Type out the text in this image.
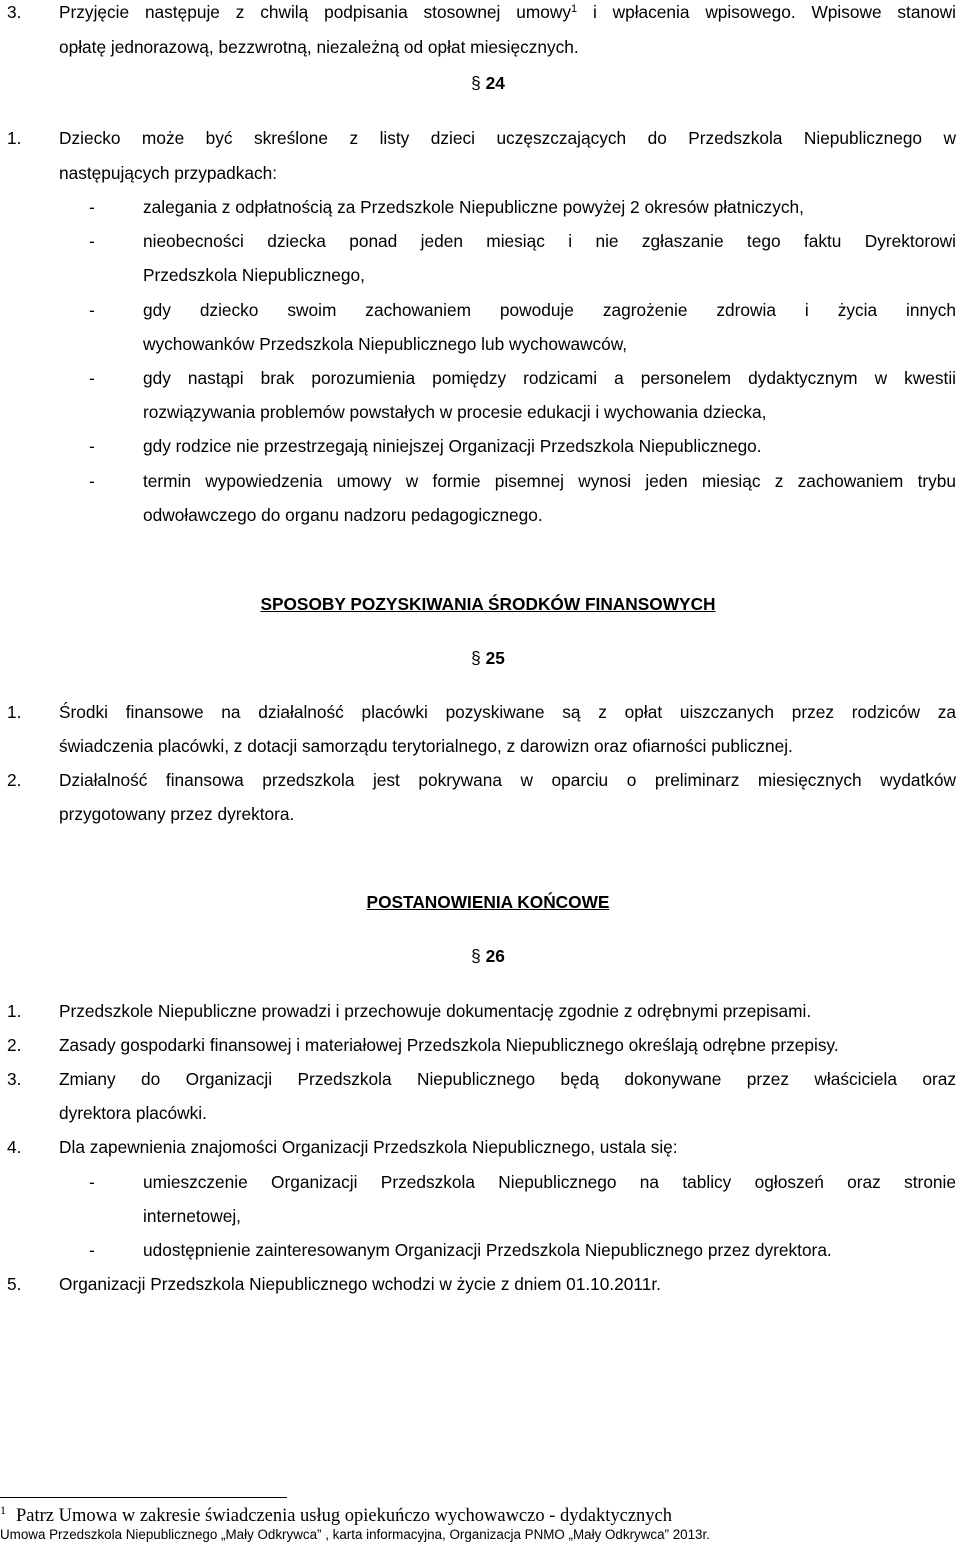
3. Przyjęcie następuje z chwilą podpisania stosownej umowy$^1$ i wpłacenia wpisowego. Wpisowe stanowi
opłatę jednorazową, bezzwrotną, niezależną od opłat miesięcznych.
§ 24
1. Dziecko może być skreślone z listy dzieci uczęszczających do Przedszkola Niepublicznego w
następujących przypadkach:
-	zalegania z odpłatnością za Przedszkole Niepubliczne powyżej 2 okresów płatniczych,
-	nieobecności dziecka ponad jeden miesiąc i nie zgłaszanie tego faktu Dyrektorowi
Przedszkola Niepublicznego,
-	gdy dziecko swoim zachowaniem powoduje zagrożenie zdrowia i życia innych
wychowanków Przedszkola Niepublicznego lub wychowawców,
-	gdy nastąpi brak porozumienia pomiędzy rodzicami a personelem dydaktycznym w kwestii
rozwiązywania problemów powstałych w procesie edukacji i wychowania dziecka,
-	gdy rodzice nie przestrzegają niniejszej Organizacji Przedszkola Niepublicznego.
-	termin wypowiedzenia umowy w formie pisemnej wynosi jeden miesiąc z zachowaniem trybu
odwoławczego do organu nadzoru pedagogicznego.
SPOSOBY POZYSKIWANIA ŚRODKÓW FINANSOWYCH
§ 25
1. Środki finansowe na działalność placówki pozyskiwane są z opłat uiszczanych przez rodziców za
świadczenia placówki, z dotacji samorządu terytorialnego, z darowizn oraz ofiarności publicznej.
2. Działalność finansowa przedszkola jest pokrywana w oparciu o preliminarz miesięcznych wydatków
przygotowany przez dyrektora.
POSTANOWIENIA KOŃCOWE
§ 26
1. Przedszkole Niepubliczne prowadzi i przechowuje dokumentację zgodnie z odrębnymi przepisami.
2. Zasady gospodarki finansowej i materiałowej Przedszkola Niepublicznego określają odrębne przepisy.
3. Zmiany do Organizacji Przedszkola Niepublicznego będą dokonywane przez właściciela oraz
dyrektora placówki.
4. Dla zapewnienia znajomości Organizacji Przedszkola Niepublicznego, ustala się:
-	umieszczenie Organizacji Przedszkola Niepublicznego na tablicy ogłoszeń oraz stronie
internetowej,
-	udostępnienie zainteresowanym Organizacji Przedszkola Niepublicznego przez dyrektora.
5. Organizacji Przedszkola Niepublicznego wchodzi w życie z dniem 01.10.2011r.
$^1$ Patrz Umowa w zakresie świadczenia usług opiekuńczo wychowawczo - dydaktycznych
Umowa Przedszkola Niepublicznego „Mały Odkrywca” , karta informacyjna, Organizacja PNMO „Mały Odkrywca” 2013r.
